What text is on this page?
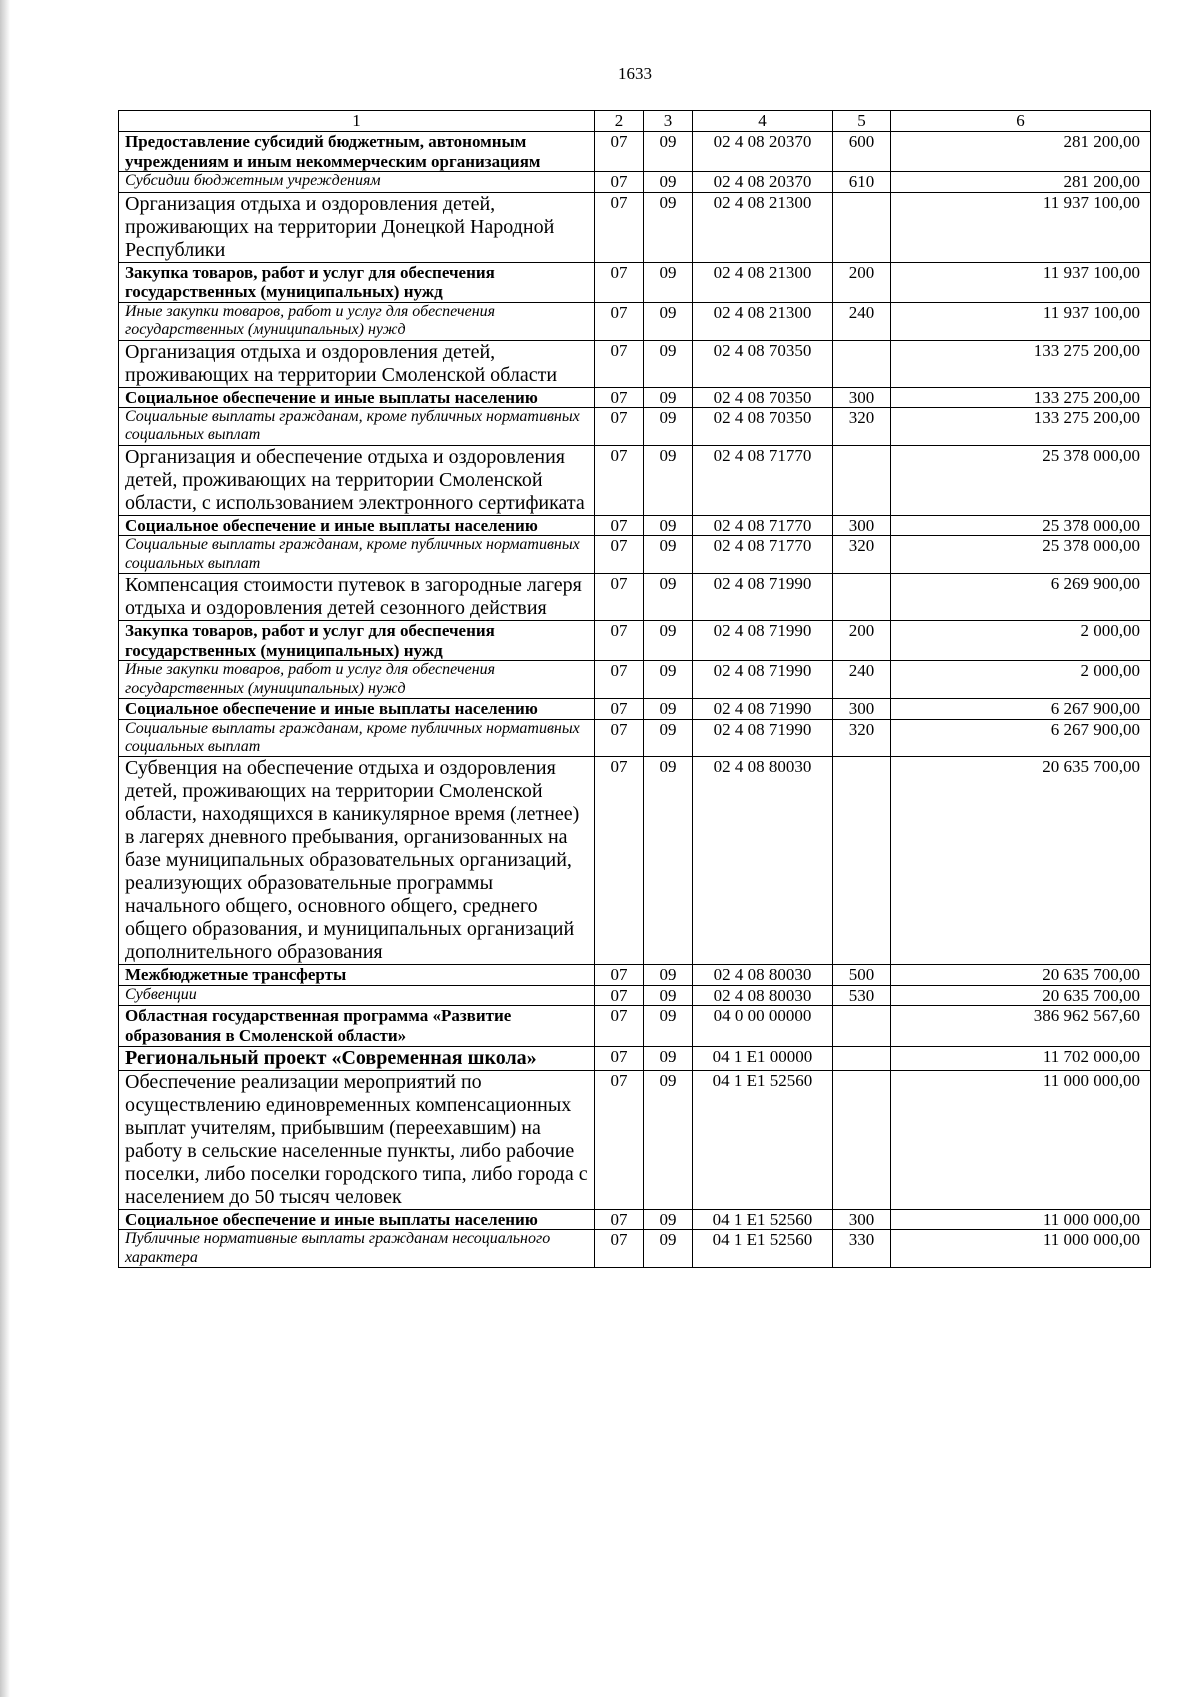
1633
1	2	3	4	5	6
Предоставление субсидий бюджетным, автономным учреждениям и иным некоммерческим организациям	07	09	02 4 08 20370	600	281 200,00
Субсидии бюджетным учреждениям	07	09	02 4 08 20370	610	281 200,00
Организация отдыха и оздоровления детей, проживающих на территории Донецкой Народной Республики	07	09	02 4 08 21300		11 937 100,00
Закупка товаров, работ и услуг для обеспечения государственных (муниципальных) нужд	07	09	02 4 08 21300	200	11 937 100,00
Иные закупки товаров, работ и услуг для обеспечения государственных (муниципальных) нужд	07	09	02 4 08 21300	240	11 937 100,00
Организация отдыха и оздоровления детей, проживающих на территории Смоленской области	07	09	02 4 08 70350		133 275 200,00
Социальное обеспечение и иные выплаты населению	07	09	02 4 08 70350	300	133 275 200,00
Социальные выплаты гражданам, кроме публичных нормативных социальных выплат	07	09	02 4 08 70350	320	133 275 200,00
Организация и обеспечение отдыха и оздоровления детей, проживающих на территории Смоленской области, с использованием электронного сертификата	07	09	02 4 08 71770		25 378 000,00
Социальное обеспечение и иные выплаты населению	07	09	02 4 08 71770	300	25 378 000,00
Социальные выплаты гражданам, кроме публичных нормативных социальных выплат	07	09	02 4 08 71770	320	25 378 000,00
Компенсация стоимости путевок в загородные лагеря отдыха и оздоровления детей сезонного действия	07	09	02 4 08 71990		6 269 900,00
Закупка товаров, работ и услуг для обеспечения государственных (муниципальных) нужд	07	09	02 4 08 71990	200	2 000,00
Иные закупки товаров, работ и услуг для обеспечения государственных (муниципальных) нужд	07	09	02 4 08 71990	240	2 000,00
Социальное обеспечение и иные выплаты населению	07	09	02 4 08 71990	300	6 267 900,00
Социальные выплаты гражданам, кроме публичных нормативных социальных выплат	07	09	02 4 08 71990	320	6 267 900,00
Субвенция на обеспечение отдыха и оздоровления детей, проживающих на территории Смоленской области, находящихся в каникулярное время (летнее) в лагерях дневного пребывания, организованных на базе муниципальных образовательных организаций, реализующих образовательные программы начального общего, основного общего, среднего общего образования, и муниципальных организаций дополнительного образования	07	09	02 4 08 80030		20 635 700,00
Межбюджетные трансферты	07	09	02 4 08 80030	500	20 635 700,00
Субвенции	07	09	02 4 08 80030	530	20 635 700,00
Областная государственная программа «Развитие образования в Смоленской области»	07	09	04 0 00 00000		386 962 567,60
Региональный проект «Современная школа»	07	09	04 1 E1 00000		11 702 000,00
Обеспечение реализации мероприятий по осуществлению единовременных компенсационных выплат учителям, прибывшим (переехавшим) на работу в сельские населенные пункты, либо рабочие поселки, либо поселки городского типа, либо города с населением до 50 тысяч человек	07	09	04 1 E1 52560		11 000 000,00
Социальное обеспечение и иные выплаты населению	07	09	04 1 E1 52560	300	11 000 000,00
Публичные нормативные выплаты гражданам несоциального характера	07	09	04 1 E1 52560	330	11 000 000,00
